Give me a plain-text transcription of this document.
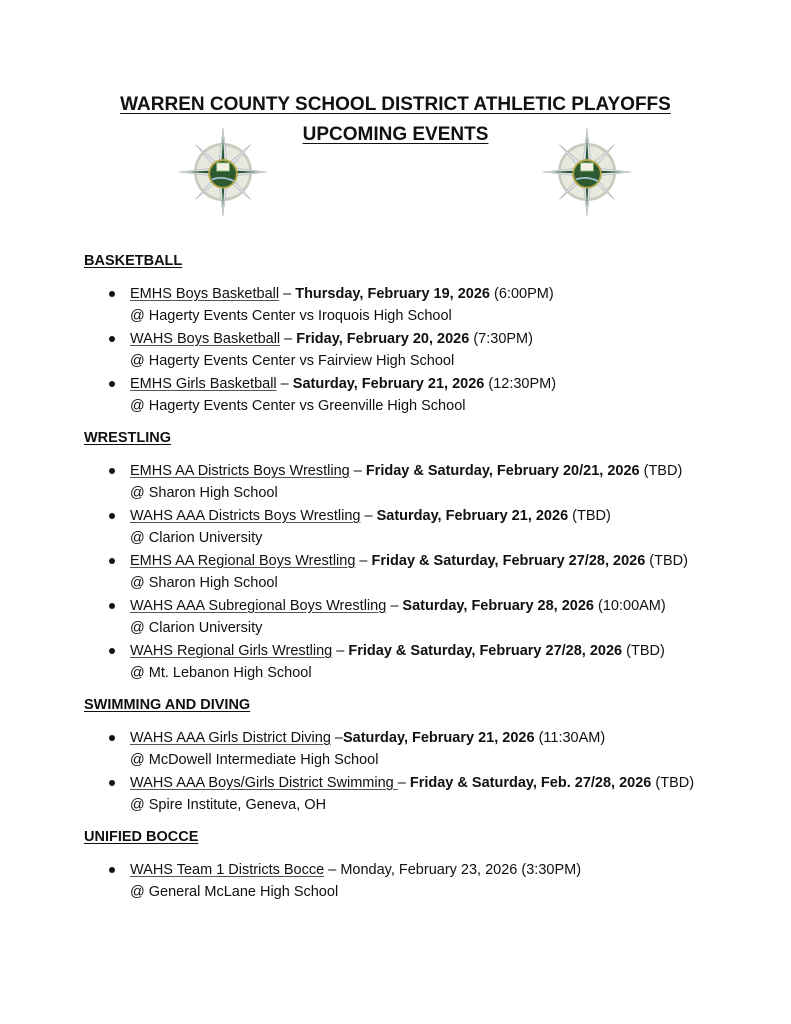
WARREN COUNTY SCHOOL DISTRICT ATHLETIC PLAYOFFS
UPCOMING EVENTS
BASKETBALL
EMHS Boys Basketball – Thursday, February 19, 2026 (6:00PM)
@ Hagerty Events Center vs Iroquois High School
WAHS Boys Basketball – Friday, February 20, 2026 (7:30PM)
@ Hagerty Events Center vs Fairview High School
EMHS Girls Basketball – Saturday, February 21, 2026 (12:30PM)
@ Hagerty Events Center vs Greenville High School
WRESTLING
EMHS AA Districts Boys Wrestling – Friday & Saturday, February 20/21, 2026 (TBD)
@ Sharon High School
WAHS AAA Districts Boys Wrestling – Saturday, February 21, 2026 (TBD)
@ Clarion University
EMHS AA Regional Boys Wrestling – Friday & Saturday, February 27/28, 2026 (TBD)
@ Sharon High School
WAHS AAA Subregional Boys Wrestling – Saturday, February 28, 2026 (10:00AM)
@ Clarion University
WAHS Regional Girls Wrestling – Friday & Saturday, February 27/28, 2026 (TBD)
@ Mt. Lebanon High School
SWIMMING AND DIVING
WAHS AAA Girls District Diving –Saturday, February 21, 2026 (11:30AM)
@ McDowell Intermediate High School
WAHS AAA Boys/Girls District Swimming – Friday & Saturday, Feb. 27/28, 2026 (TBD)
@ Spire Institute, Geneva, OH
UNIFIED BOCCE
WAHS Team 1 Districts Bocce – Monday, February 23, 2026 (3:30PM)
@ General McLane High School
